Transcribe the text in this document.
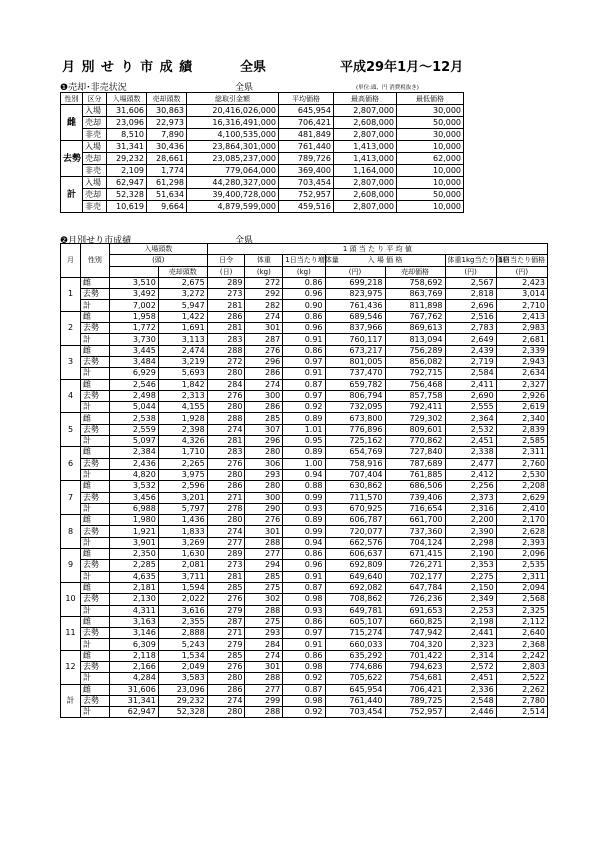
月 別 せ り 市 成 績	全県	平成29年1月～12月
❶売却･非売状況	全県	(単位:頭、円 消費税抜き)
性別	区分	入場頭数	売却頭数	総取引金額	平均価格	最高価格	最低価格
雌	入場	31,606	30,863	20,416,026,000	645,954	2,807,000	30,000
	売却	23,096	22,973	16,316,491,000	706,421	2,608,000	50,000
	非売	8,510	7,890	4,100,535,000	481,849	2,807,000	30,000
去勢	入場	31,341	30,436	23,864,301,000	761,440	1,413,000	10,000
	売却	29,232	28,661	23,085,237,000	789,726	1,413,000	62,000
	非売	2,109	1,774	779,064,000	369,400	1,164,000	10,000
計	入場	62,947	61,298	44,280,327,000	703,454	2,807,000	10,000
	売却	52,328	51,634	39,400,728,000	752,957	2,608,000	50,000
	非売	10,619	9,664	4,879,599,000	459,516	2,807,000	10,000
❷月別せり市成績	全県
月	性別	入場頭数		1 頭 当 た り 平 均 値						
		(頭)		日令	体重	1日当たり増体量	入 場 価 格		体重1kg当たり価格	1日当たり価格
			売却頭数	(日)	(kg)	(kg)	(円)	売却価格	(円)	(円)
1	雌	3,510	2,675	289	272	0.86	699,218	758,692	2,567	2,423
	去勢	3,492	3,272	273	292	0.96	823,975	863,769	2,818	3,014
	計	7,002	5,947	281	282	0.90	761,436	811,898	2,696	2,710
2	雌	1,958	1,422	286	274	0.86	689,546	767,762	2,516	2,413
	去勢	1,772	1,691	281	301	0.96	837,966	869,613	2,783	2,983
	計	3,730	3,113	283	287	0.91	760,117	813,094	2,649	2,681
3	雌	3,445	2,474	288	276	0.86	673,217	756,289	2,439	2,339
	去勢	3,484	3,219	272	296	0.97	801,005	856,082	2,719	2,943
	計	6,929	5,693	280	286	0.91	737,470	792,715	2,584	2,634
4	雌	2,546	1,842	284	274	0.87	659,782	756,468	2,411	2,327
	去勢	2,498	2,313	276	300	0.97	806,794	857,758	2,690	2,926
	計	5,044	4,155	280	286	0.92	732,095	792,411	2,555	2,619
5	雌	2,538	1,928	288	285	0.89	673,800	729,302	2,364	2,340
	去勢	2,559	2,398	274	307	1.01	776,896	809,601	2,532	2,839
	計	5,097	4,326	281	296	0.95	725,162	770,862	2,451	2,585
6	雌	2,384	1,710	283	280	0.89	654,769	727,840	2,338	2,311
	去勢	2,436	2,265	276	306	1.00	758,916	787,689	2,477	2,760
	計	4,820	3,975	280	293	0.94	707,404	761,885	2,412	2,530
7	雌	3,532	2,596	286	280	0.88	630,862	686,506	2,256	2,208
	去勢	3,456	3,201	271	300	0.99	711,570	739,406	2,373	2,629
	計	6,988	5,797	278	290	0.93	670,925	716,654	2,316	2,410
8	雌	1,980	1,436	280	276	0.89	606,787	661,700	2,200	2,170
	去勢	1,921	1,833	274	301	0.99	720,077	737,360	2,390	2,628
	計	3,901	3,269	277	288	0.94	662,576	704,124	2,298	2,393
9	雌	2,350	1,630	289	277	0.86	606,637	671,415	2,190	2,096
	去勢	2,285	2,081	273	294	0.96	692,809	726,271	2,353	2,535
	計	4,635	3,711	281	285	0.91	649,640	702,177	2,275	2,311
10	雌	2,181	1,594	285	275	0.87	692,082	647,784	2,150	2,094
	去勢	2,130	2,022	276	302	0.98	708,862	726,236	2,349	2,568
	計	4,311	3,616	279	288	0.93	649,781	691,653	2,253	2,325
11	雌	3,163	2,355	287	275	0.86	605,107	660,825	2,198	2,112
	去勢	3,146	2,888	271	293	0.97	715,274	747,942	2,441	2,640
	計	6,309	5,243	279	284	0.91	660,033	704,320	2,323	2,368
12	雌	2,118	1,534	285	274	0.86	635,292	701,422	2,314	2,242
	去勢	2,166	2,049	276	301	0.98	774,686	794,623	2,572	2,803
	計	4,284	3,583	280	288	0.92	705,622	754,681	2,451	2,522
計	雌	31,606	23,096	286	277	0.87	645,954	706,421	2,336	2,262
	去勢	31,341	29,232	274	299	0.98	761,440	789,725	2,548	2,780
	計	62,947	52,328	280	288	0.92	703,454	752,957	2,446	2,514
